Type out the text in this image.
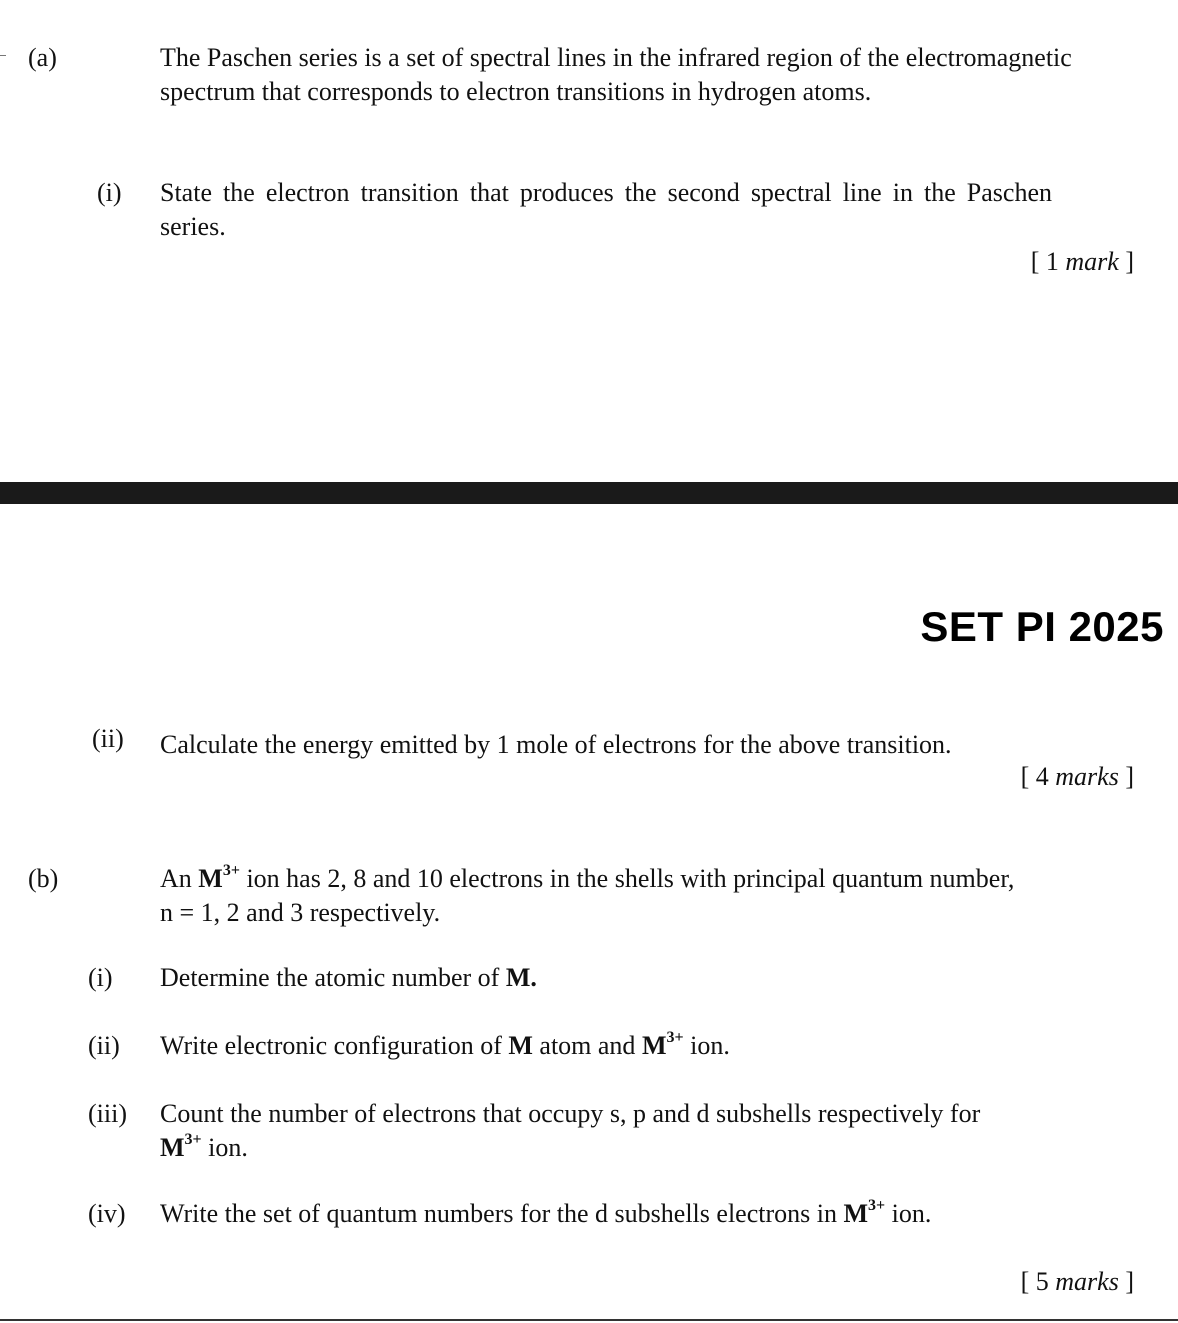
(a)	The Paschen series is a set of spectral lines in the infrared region of the electromagnetic spectrum that corresponds to electron transitions in hydrogen atoms.
(i) State the electron transition that produces the second spectral line in the Paschen series.
[ 1 mark ]
SET PI 2025
(ii) Calculate the energy emitted by 1 mole of electrons for the above transition.
[ 4 marks ]
(b)	An $M^{3+}$ ion has 2, 8 and 10 electrons in the shells with principal quantum number,
n = 1, 2 and 3 respectively.
(i) Determine the atomic number of M.
(ii) Write electronic configuration of M atom and $M^{3+}$ ion.
(iii) Count the number of electrons that occupy s, p and d subshells respectively for
$M^{3+}$ ion.
(iv) Write the set of quantum numbers for the d subshells electrons in $M^{3+}$ ion.
[ 5 marks ]
